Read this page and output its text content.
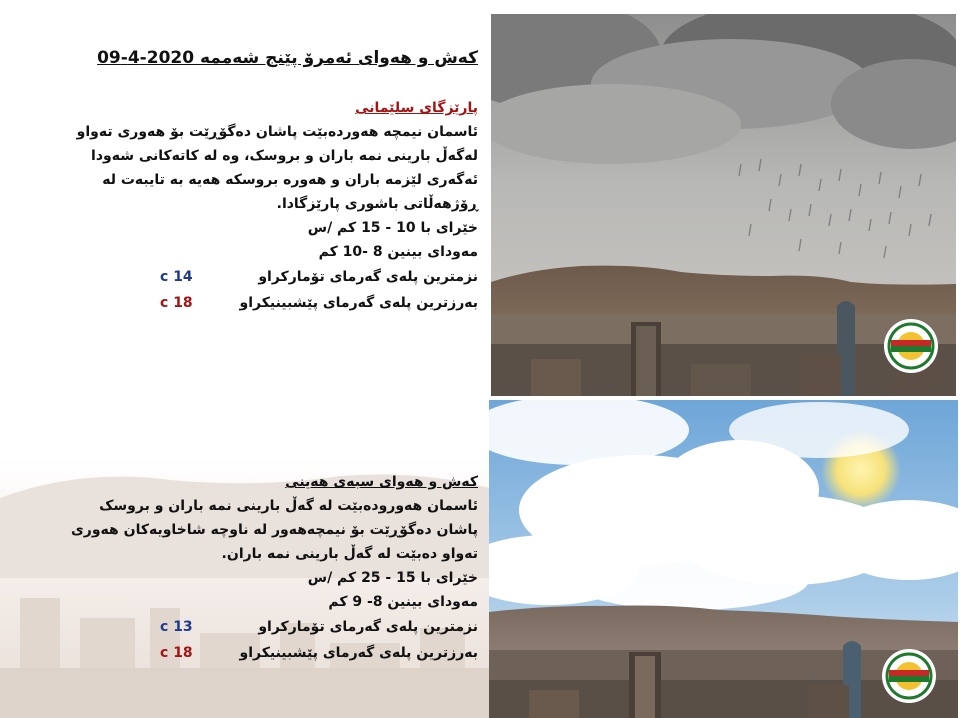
کەش و هەوای ئەمرۆ پێنج شەممە 2020-4-09
پارێزگای سلێمانی
ئاسمان نیمچە هەوردەبێت پاشان دەگۆڕێت بۆ هەوری تەواو
لەگەڵ بارینی نمە باران و بروسک، وە لە کاتەکانی شەودا
ئەگەری لێزمە باران و هەورە بروسکە هەیە بە تایبەت لە
ڕۆژهەڵاتی باشوری پارێزگادا.
خێرای با 10 - 15 کم /س
مەودای بینین 8 -10 کم
نزمترین پلەی گەرمای تۆمارکراو
14 c
بەرزترین پلەی گەرمای پێشبینیکراو
18 c
کەش و هەوای سبەی هەینی
ئاسمان هەورودەبێت لە گەڵ بارینی نمە باران و بروسک
پاشان دەگۆڕێت بۆ نیمچەهەور لە ناوچە شاخاویەکان هەوری
تەواو دەبێت لە گەڵ بارینی نمە باران.
خێرای با 15 - 25 کم /س
مەودای بینین 8- 9 کم
نزمترین پلەی گەرمای تۆمارکراو
13 c
بەرزترین پلەی گەرمای پێشبینیکراو
18 c
